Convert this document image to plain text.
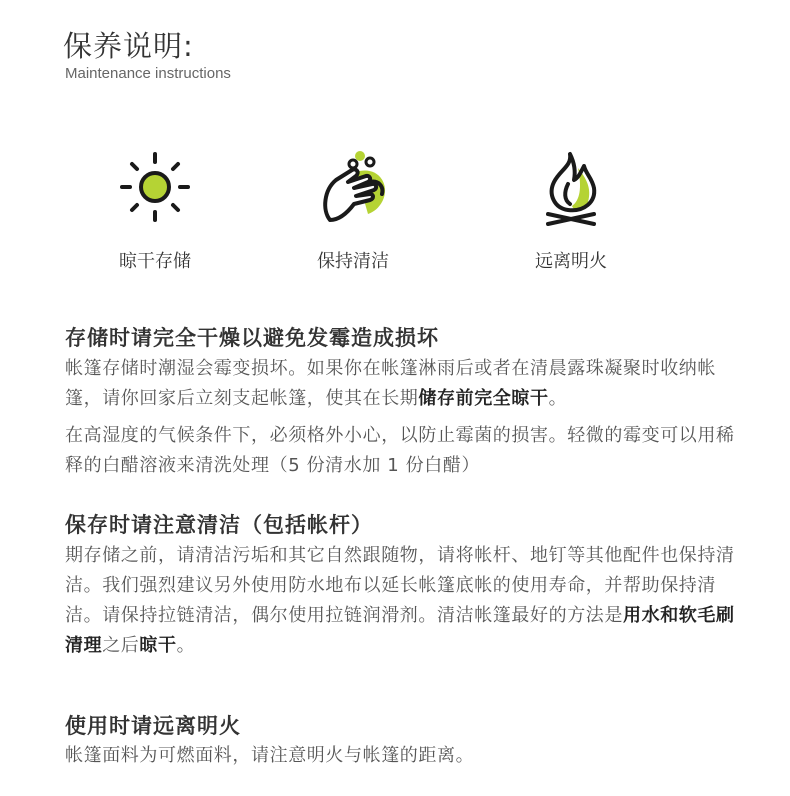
保养说明:
Maintenance instructions
晾干存储	保持清洁	远离明火
存储时请完全干燥以避免发霉造成损坏
帐篷存储时潮湿会霉变损坏。如果你在帐篷淋雨后或者在清晨露珠凝聚时收纳帐篷，请你回家后立刻支起帐篷，使其在长期储存前完全晾干。
在高湿度的气候条件下，必须格外小心，以防止霉菌的损害。轻微的霉变可以用稀释的白醋溶液来清洗处理（5 份清水加 1 份白醋）
保存时请注意清洁（包括帐杆）
期存储之前，请清洁污垢和其它自然跟随物，请将帐杆、地钉等其他配件也保持清洁。我们强烈建议另外使用防水地布以延长帐篷底帐的使用寿命，并帮助保持清洁。请保持拉链清洁，偶尔使用拉链润滑剂。清洁帐篷最好的方法是用水和软毛刷清理之后晾干。
使用时请远离明火
帐篷面料为可燃面料，请注意明火与帐篷的距离。
